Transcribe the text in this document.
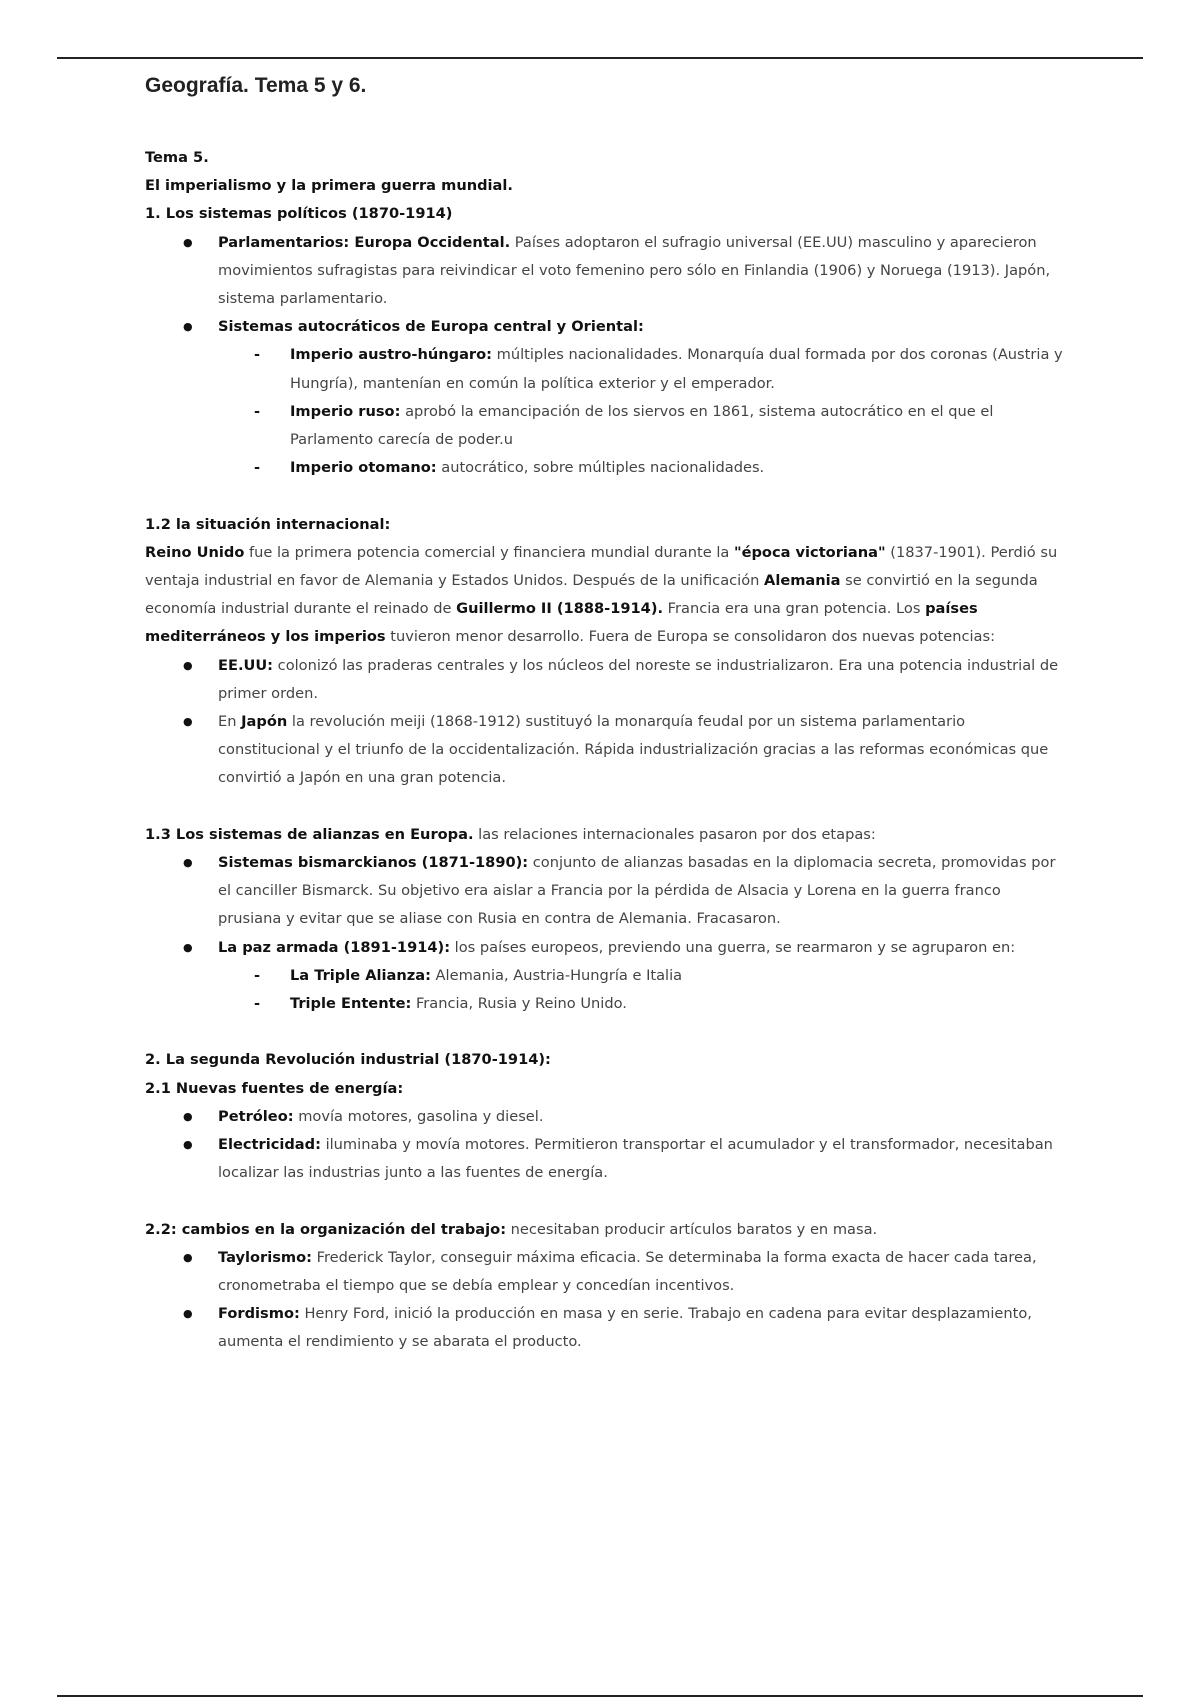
Geografía. Tema 5 y 6.

Tema 5.

El imperialismo y la primera guerra mundial.

1. Los sistemas políticos (1870-1914)

● Parlamentarios: Europa Occidental. Países adoptaron el sufragio universal (EE.UU) masculino y aparecieron movimientos sufragistas para reivindicar el voto femenino pero sólo en Finlandia (1906) y Noruega (1913). Japón, sistema parlamentario.
● Sistemas autocráticos de Europa central y Oriental:
- Imperio austro-húngaro: múltiples nacionalidades. Monarquía dual formada por dos coronas (Austria y Hungría), mantenían en común la política exterior y el emperador.
- Imperio ruso: aprobó la emancipación de los siervos en 1861, sistema autocrático en el que el Parlamento carecía de poder.u
- Imperio otomano: autocrático, sobre múltiples nacionalidades.

1.2 la situación internacional:

Reino Unido fue la primera potencia comercial y financiera mundial durante la "época victoriana" (1837-1901). Perdió su ventaja industrial en favor de Alemania y Estados Unidos. Después de la unificación Alemania se convirtió en la segunda economía industrial durante el reinado de Guillermo II (1888-1914). Francia era una gran potencia. Los países mediterráneos y los imperios tuvieron menor desarrollo. Fuera de Europa se consolidaron dos nuevas potencias:

● EE.UU: colonizó las praderas centrales y los núcleos del noreste se industrializaron. Era una potencia industrial de primer orden.
● En Japón la revolución meiji (1868-1912) sustituyó la monarquía feudal por un sistema parlamentario constitucional y el triunfo de la occidentalización. Rápida industrialización gracias a las reformas económicas que convirtió a Japón en una gran potencia.

1.3 Los sistemas de alianzas en Europa. las relaciones internacionales pasaron por dos etapas:

● Sistemas bismarckianos (1871-1890): conjunto de alianzas basadas en la diplomacia secreta, promovidas por el canciller Bismarck. Su objetivo era aislar a Francia por la pérdida de Alsacia y Lorena en la guerra franco prusiana y evitar que se aliase con Rusia en contra de Alemania. Fracasaron.
● La paz armada (1891-1914): los países europeos, previendo una guerra, se rearmaron y se agruparon en:
- La Triple Alianza: Alemania, Austria-Hungría e Italia
- Triple Entente: Francia, Rusia y Reino Unido.

2. La segunda Revolución industrial (1870-1914):

2.1 Nuevas fuentes de energía:

● Petróleo: movía motores, gasolina y diesel.
● Electricidad: iluminaba y movía motores. Permitieron transportar el acumulador y el transformador, necesitaban localizar las industrias junto a las fuentes de energía.

2.2: cambios en la organización del trabajo: necesitaban producir artículos baratos y en masa.

● Taylorismo: Frederick Taylor, conseguir máxima eficacia. Se determinaba la forma exacta de hacer cada tarea, cronometraba el tiempo que se debía emplear y concedían incentivos.
● Fordismo: Henry Ford, inició la producción en masa y en serie. Trabajo en cadena para evitar desplazamiento, aumenta el rendimiento y se abarata el producto.
